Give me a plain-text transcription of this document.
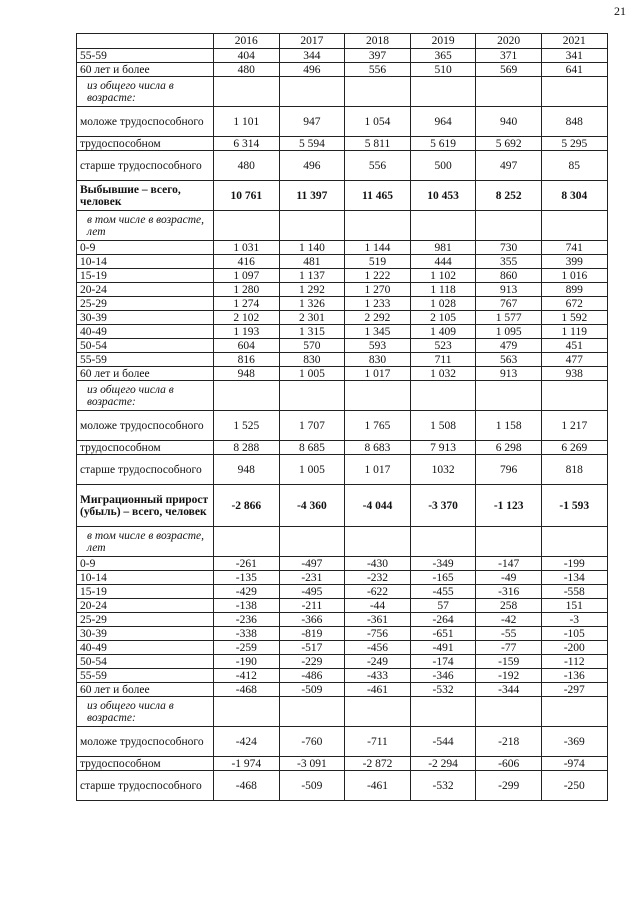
21
	2016	2017	2018	2019	2020	2021
55-59	404	344	397	365	371	341
60 лет и более	480	496	556	510	569	641
из общего числа в возрасте:						
моложе трудоспособного	1 101	947	1 054	964	940	848
трудоспособном	6 314	5 594	5 811	5 619	5 692	5 295
старше трудоспособного	480	496	556	500	497	85
Выбывшие – всего, человек	10 761	11 397	11 465	10 453	8 252	8 304
в том числе в возрасте, лет						
0-9	1 031	1 140	1 144	981	730	741
10-14	416	481	519	444	355	399
15-19	1 097	1 137	1 222	1 102	860	1 016
20-24	1 280	1 292	1 270	1 118	913	899
25-29	1 274	1 326	1 233	1 028	767	672
30-39	2 102	2 301	2 292	2 105	1 577	1 592
40-49	1 193	1 315	1 345	1 409	1 095	1 119
50-54	604	570	593	523	479	451
55-59	816	830	830	711	563	477
60 лет и более	948	1 005	1 017	1 032	913	938
из общего числа в возрасте:						
моложе трудоспособного	1 525	1 707	1 765	1 508	1 158	1 217
трудоспособном	8 288	8 685	8 683	7 913	6 298	6 269
старше трудоспособного	948	1 005	1 017	1032	796	818
Миграционный прирост (убыль) – всего, человек	-2 866	-4 360	-4 044	-3 370	-1 123	-1 593
в том числе в возрасте, лет						
0-9	-261	-497	-430	-349	-147	-199
10-14	-135	-231	-232	-165	-49	-134
15-19	-429	-495	-622	-455	-316	-558
20-24	-138	-211	-44	57	258	151
25-29	-236	-366	-361	-264	-42	-3
30-39	-338	-819	-756	-651	-55	-105
40-49	-259	-517	-456	-491	-77	-200
50-54	-190	-229	-249	-174	-159	-112
55-59	-412	-486	-433	-346	-192	-136
60 лет и более	-468	-509	-461	-532	-344	-297
из общего числа в возрасте:						
моложе трудоспособного	-424	-760	-711	-544	-218	-369
трудоспособном	-1 974	-3 091	-2 872	-2 294	-606	-974
старше трудоспособного	-468	-509	-461	-532	-299	-250
